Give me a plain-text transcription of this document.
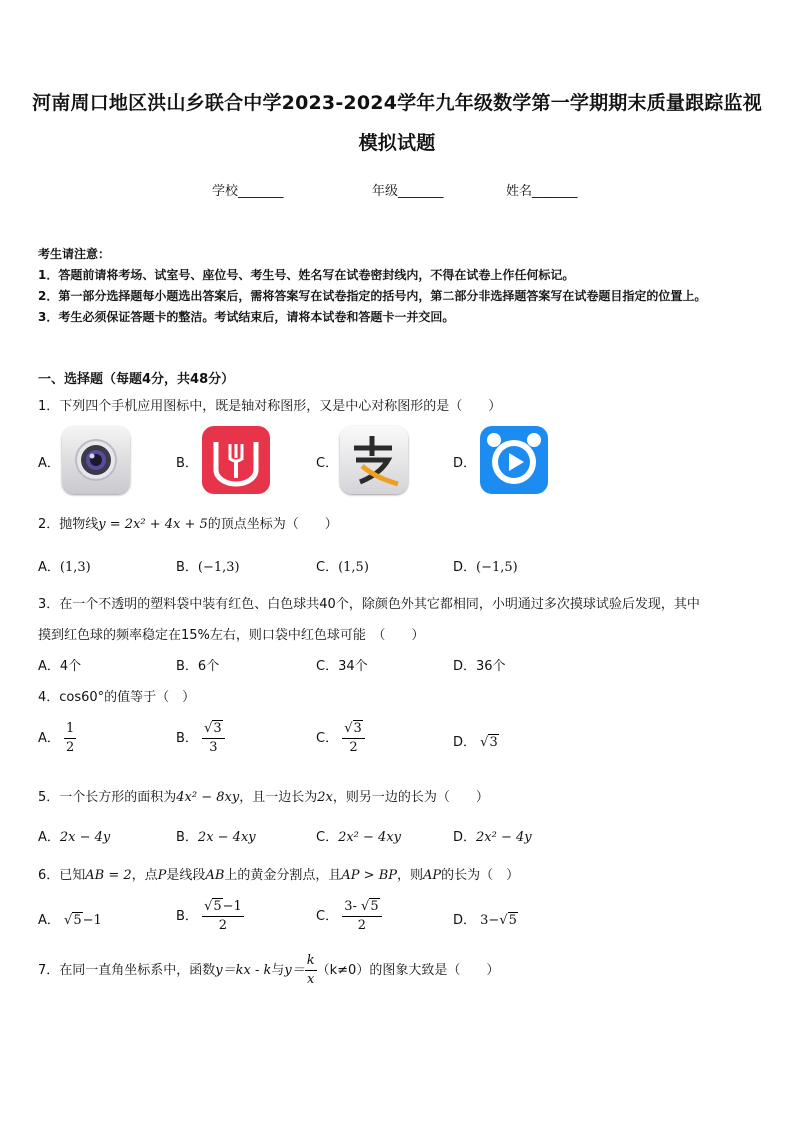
河南周口地区洪山乡联合中学2023-2024学年九年级数学第一学期期末质量跟踪监视
模拟试题
学校_______	年级_______	姓名_______
考生请注意：
1．答题前请将考场、试室号、座位号、考生号、姓名写在试卷密封线内，不得在试卷上作任何标记。
2．第一部分选择题每小题选出答案后，需将答案写在试卷指定的括号内，第二部分非选择题答案写在试卷题目指定的位置上。
3．考生必须保证答题卡的整洁。考试结束后，请将本试卷和答题卡一并交回。
一、选择题（每题4分，共48分）
1．下列四个手机应用图标中，既是轴对称图形，又是中心对称图形的是（　　）
A．	B．	C．	D．
2．抛物线y = 2x² + 4x + 5的顶点坐标为（　　）
A．(1,3)	B．(−1,3)	C．(1,5)	D．(−1,5)
3．在一个不透明的塑料袋中装有红色、白色球共40个，除颜色外其它都相同，小明通过多次摸球试验后发现，其中
摸到红色球的频率稳定在15%左右，则口袋中红色球可能　（　　）
A．4个	B．6个	C．34个	D．36个
4．cos60°的值等于（　）
A． $\frac{1}{2}$	B． $\frac{√3}{3}$	C． $\frac{√3}{2}$	D． √3
5．一个长方形的面积为4x² − 8xy，且一边长为2x，则另一边的长为（　　）
A．2x − 4y	B．2x − 4xy	C．2x² − 4xy	D．2x² − 4y
6．已知AB = 2，点P是线段AB上的黄金分割点，且AP > BP，则AP的长为（　）
A． √5−1	B． $\frac{√5-1}{2}$	C． $\frac{3- √5}{2}$	D． 3−√5
7．在同一直角坐标系中，函数y＝kx - k与$y= \frac{k}{x} (k\ne 0)$的图象大致是（　　）
